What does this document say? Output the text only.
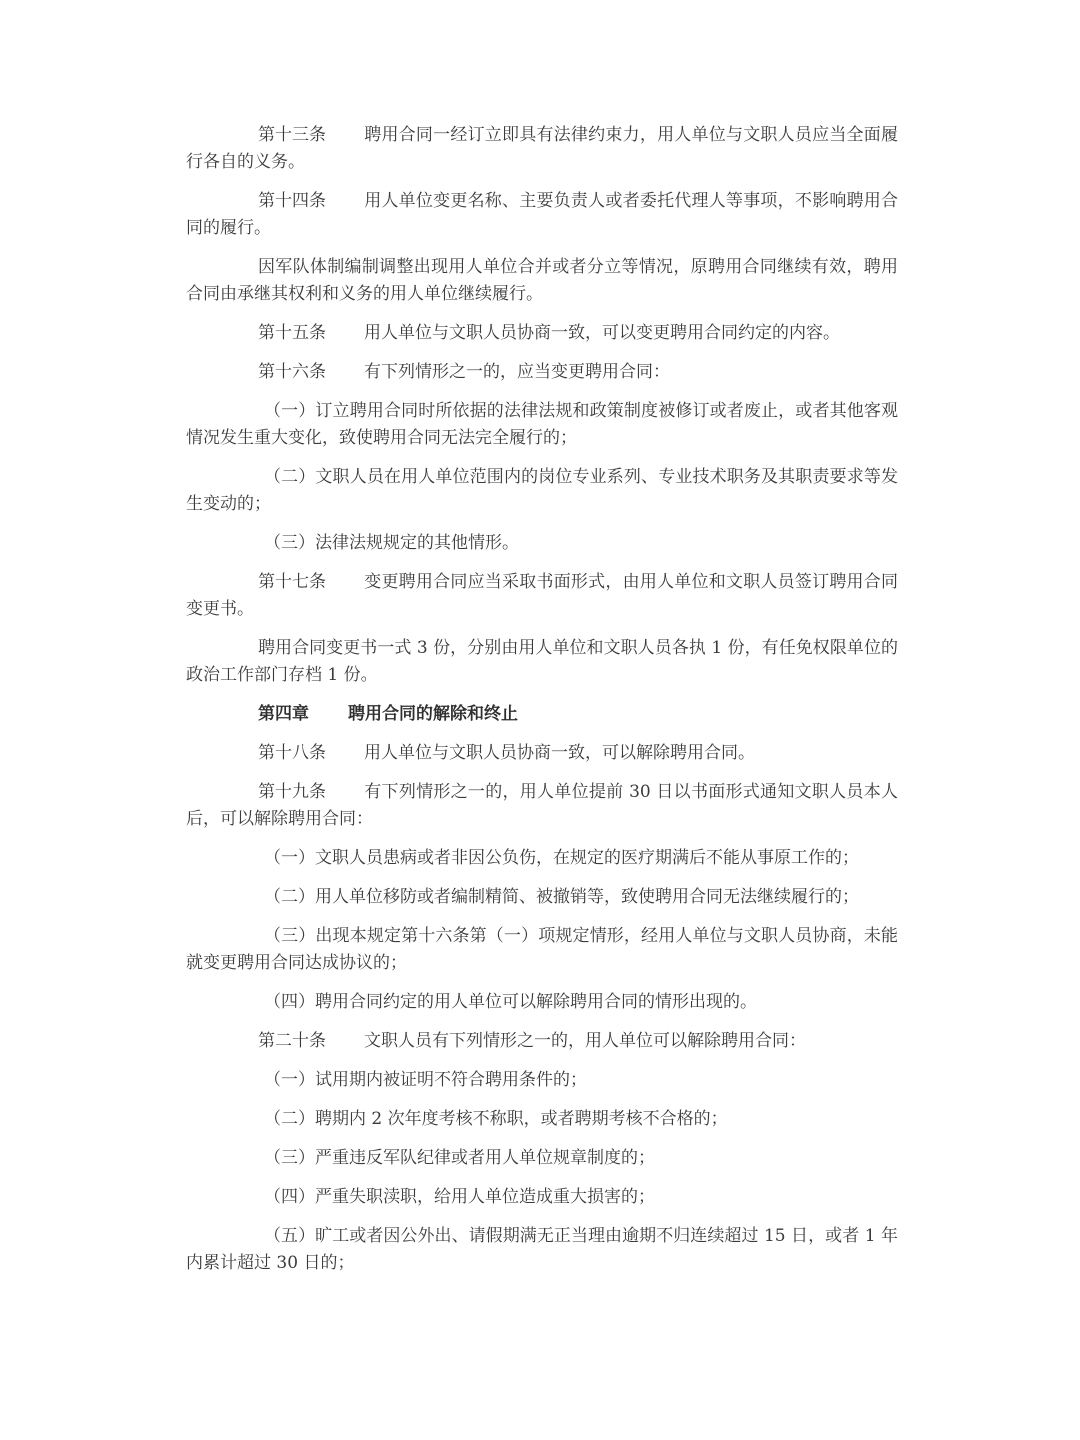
第十三条 聘用合同一经订立即具有法律约束力，用人单位与文职人员应当全面履行各自的义务。

第十四条 用人单位变更名称、主要负责人或者委托代理人等事项，不影响聘用合同的履行。

因军队体制编制调整出现用人单位合并或者分立等情况，原聘用合同继续有效，聘用合同由承继其权利和义务的用人单位继续履行。

第十五条 用人单位与文职人员协商一致，可以变更聘用合同约定的内容。

第十六条 有下列情形之一的，应当变更聘用合同：

（一）订立聘用合同时所依据的法律法规和政策制度被修订或者废止，或者其他客观情况发生重大变化，致使聘用合同无法完全履行的；

（二）文职人员在用人单位范围内的岗位专业系列、专业技术职务及其职责要求等发生变动的；

（三）法律法规规定的其他情形。

第十七条 变更聘用合同应当采取书面形式，由用人单位和文职人员签订聘用合同变更书。

聘用合同变更书一式 3 份，分别由用人单位和文职人员各执 1 份，有任免权限单位的政治工作部门存档 1 份。

第四章 聘用合同的解除和终止

第十八条 用人单位与文职人员协商一致，可以解除聘用合同。

第十九条 有下列情形之一的，用人单位提前 30 日以书面形式通知文职人员本人后，可以解除聘用合同：

（一）文职人员患病或者非因公负伤，在规定的医疗期满后不能从事原工作的；

（二）用人单位移防或者编制精简、被撤销等，致使聘用合同无法继续履行的；

（三）出现本规定第十六条第（一）项规定情形，经用人单位与文职人员协商，未能就变更聘用合同达成协议的；

（四）聘用合同约定的用人单位可以解除聘用合同的情形出现的。

第二十条 文职人员有下列情形之一的，用人单位可以解除聘用合同：

（一）试用期内被证明不符合聘用条件的；

（二）聘期内 2 次年度考核不称职，或者聘期考核不合格的；

（三）严重违反军队纪律或者用人单位规章制度的；

（四）严重失职渎职，给用人单位造成重大损害的；

（五）旷工或者因公外出、请假期满无正当理由逾期不归连续超过 15 日，或者 1 年内累计超过 30 日的；
